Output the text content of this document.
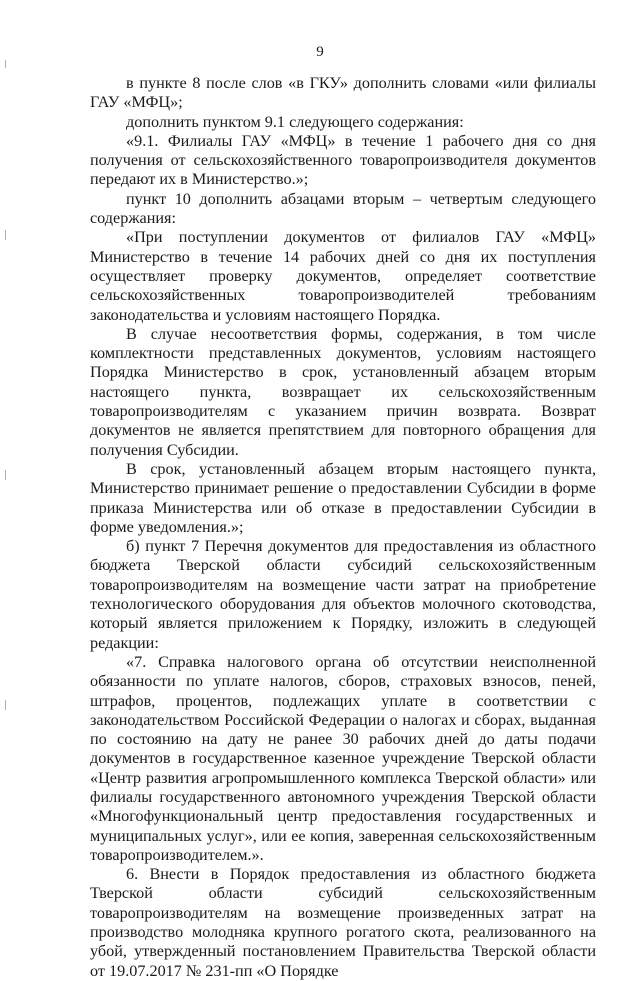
9

в пункте 8 после слов «в ГКУ» дополнить словами «или филиалы ГАУ «МФЦ»;

дополнить пунктом 9.1 следующего содержания:

«9.1. Филиалы ГАУ «МФЦ» в течение 1 рабочего дня со дня получения от сельскохозяйственного товаропроизводителя документов передают их в Министерство.»;

пункт 10 дополнить абзацами вторым – четвертым следующего содержания:

«При поступлении документов от филиалов ГАУ «МФЦ» Министерство в течение 14 рабочих дней со дня их поступления осуществляет проверку документов, определяет соответствие сельскохозяйственных товаропроизводителей требованиям законодательства и условиям настоящего Порядка.

В случае несоответствия формы, содержания, в том числе комплектности представленных документов, условиям настоящего Порядка Министерство в срок, установленный абзацем вторым настоящего пункта, возвращает их сельскохозяйственным товаропроизводителям с указанием причин возврата. Возврат документов не является препятствием для повторного обращения для получения Субсидии.

В срок, установленный абзацем вторым настоящего пункта, Министерство принимает решение о предоставлении Субсидии в форме приказа Министерства или об отказе в предоставлении Субсидии в форме уведомления.»;

б) пункт 7 Перечня документов для предоставления из областного бюджета Тверской области субсидий сельскохозяйственным товаропроизводителям на возмещение части затрат на приобретение технологического оборудования для объектов молочного скотоводства, который является приложением к Порядку, изложить в следующей редакции:

«7. Справка налогового органа об отсутствии неисполненной обязанности по уплате налогов, сборов, страховых взносов, пеней, штрафов, процентов, подлежащих уплате в соответствии с законодательством Российской Федерации о налогах и сборах, выданная по состоянию на дату не ранее 30 рабочих дней до даты подачи документов в государственное казенное учреждение Тверской области «Центр развития агропромышленного комплекса Тверской области» или филиалы государственного автономного учреждения Тверской области «Многофункциональный центр предоставления государственных и муниципальных услуг», или ее копия, заверенная сельскохозяйственным товаропроизводителем.».

6. Внести в Порядок предоставления из областного бюджета Тверской области субсидий сельскохозяйственным товаропроизводителям на возмещение произведенных затрат на производство молодняка крупного рогатого скота, реализованного на убой, утвержденный постановлением Правительства Тверской области от 19.07.2017 № 231-пп «О Порядке
